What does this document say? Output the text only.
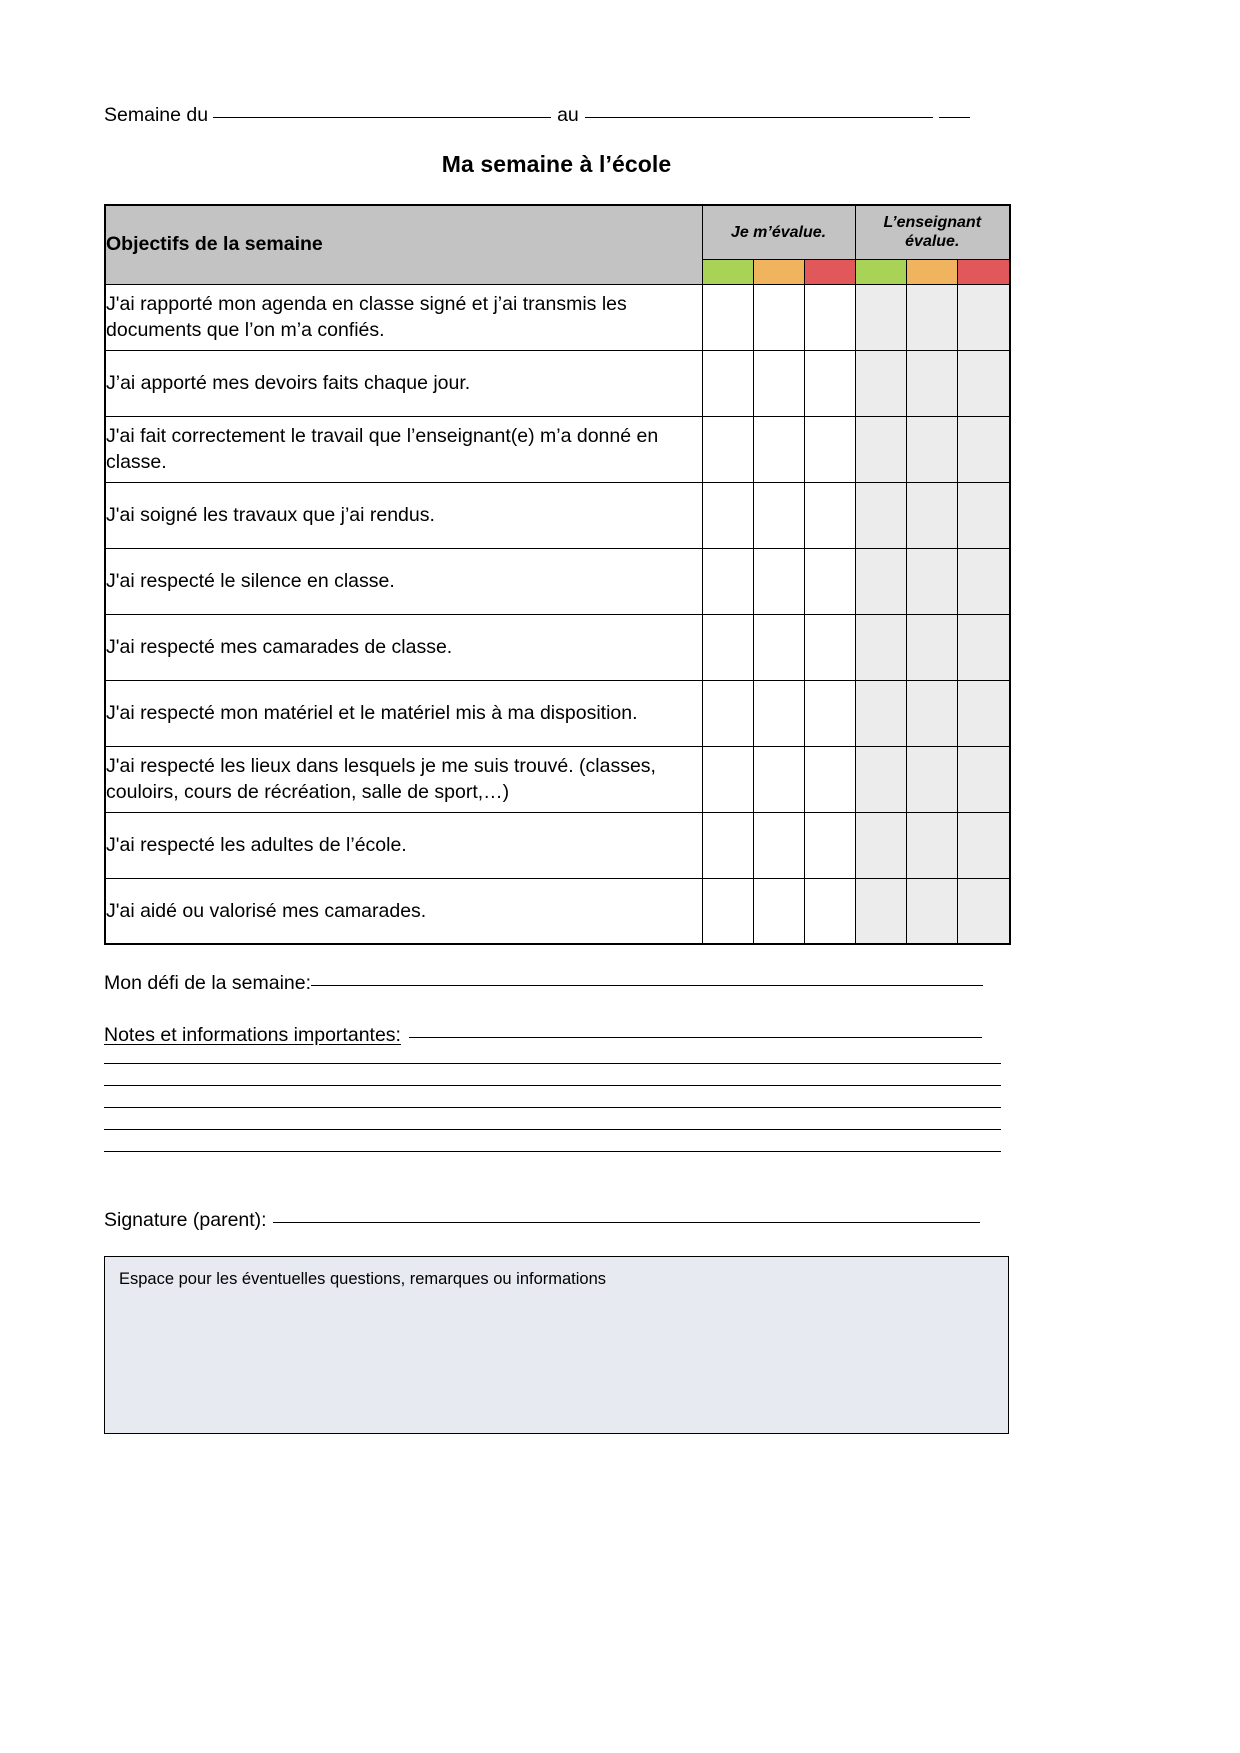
Semaine du	au
Ma semaine à l’école
Objectifs de la semaine	Je m’évalue.			L’enseignant
évalue.		

J'ai rapporté mon agenda en classe signé et j’ai transmis les documents que l’on m’a confiés.						
J’ai apporté mes devoirs faits chaque jour.						
J'ai fait correctement le travail que l’enseignant(e) m’a donné en classe.						
J'ai soigné les travaux que j’ai rendus.						
J'ai respecté le silence en classe.						
J'ai respecté mes camarades de classe.						
J'ai respecté mon matériel et le matériel mis à ma disposition.						
J'ai respecté les lieux dans lesquels je me suis trouvé. (classes, couloirs, cours de récréation, salle de sport,…)						
J'ai respecté les adultes de l’école.						
J'ai aidé ou valorisé mes camarades.						
Mon défi de la semaine:
Notes et informations importantes:
Signature (parent):
Espace pour les éventuelles questions, remarques ou informations
